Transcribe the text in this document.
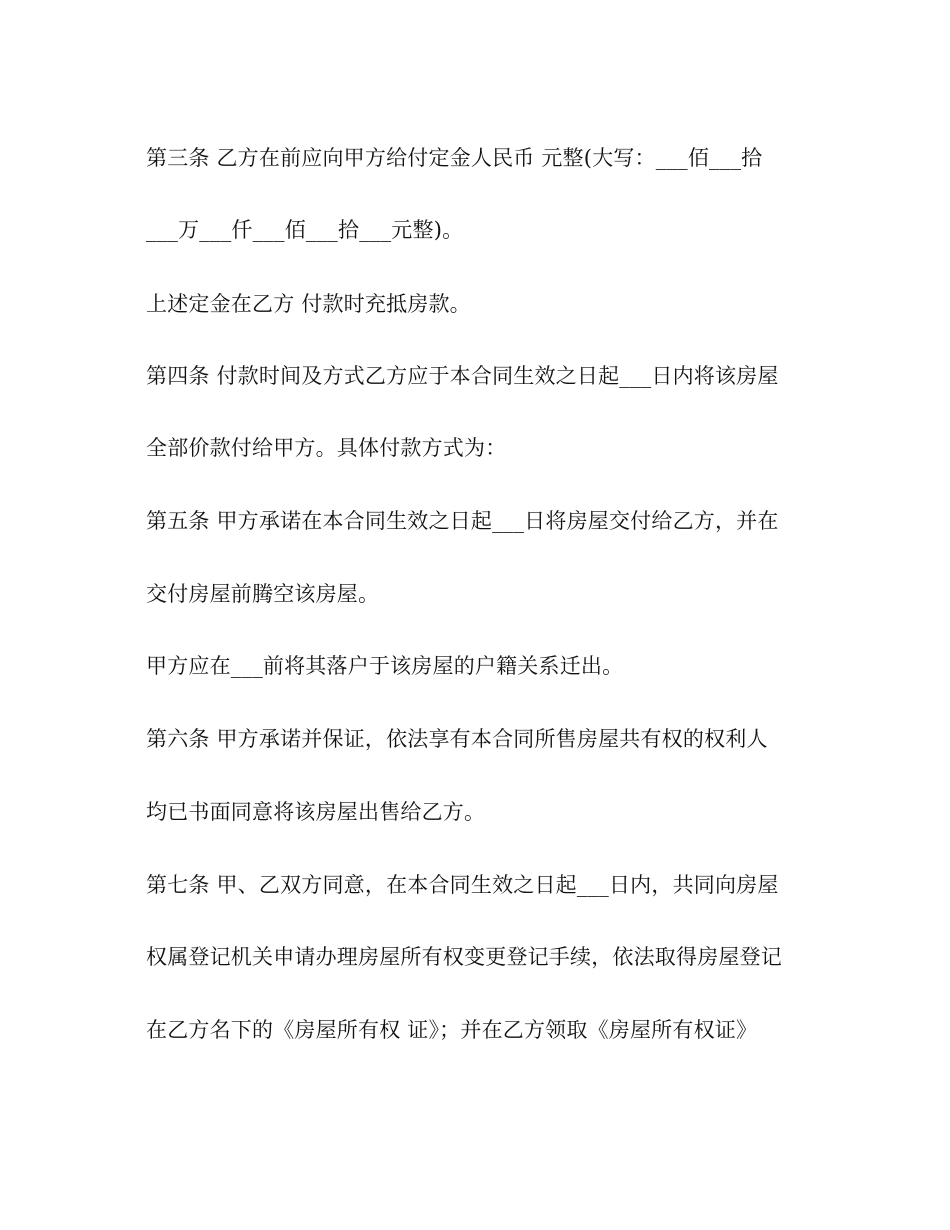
第三条 乙方在前应向甲方给付定金人民币 元整(大写：___佰___拾
___万___仟___佰___拾___元整)。
上述定金在乙方 付款时充抵房款。
第四条 付款时间及方式乙方应于本合同生效之日起___日内将该房屋
全部价款付给甲方。具体付款方式为：
第五条 甲方承诺在本合同生效之日起___日将房屋交付给乙方，并在
交付房屋前腾空该房屋。
甲方应在___前将其落户于该房屋的户籍关系迁出。
第六条 甲方承诺并保证，依法享有本合同所售房屋共有权的权利人
均已书面同意将该房屋出售给乙方。
第七条 甲、乙双方同意，在本合同生效之日起___日内，共同向房屋
权属登记机关申请办理房屋所有权变更登记手续，依法取得房屋登记
在乙方名下的《房屋所有权 证》；并在乙方领取《房屋所有权证》
